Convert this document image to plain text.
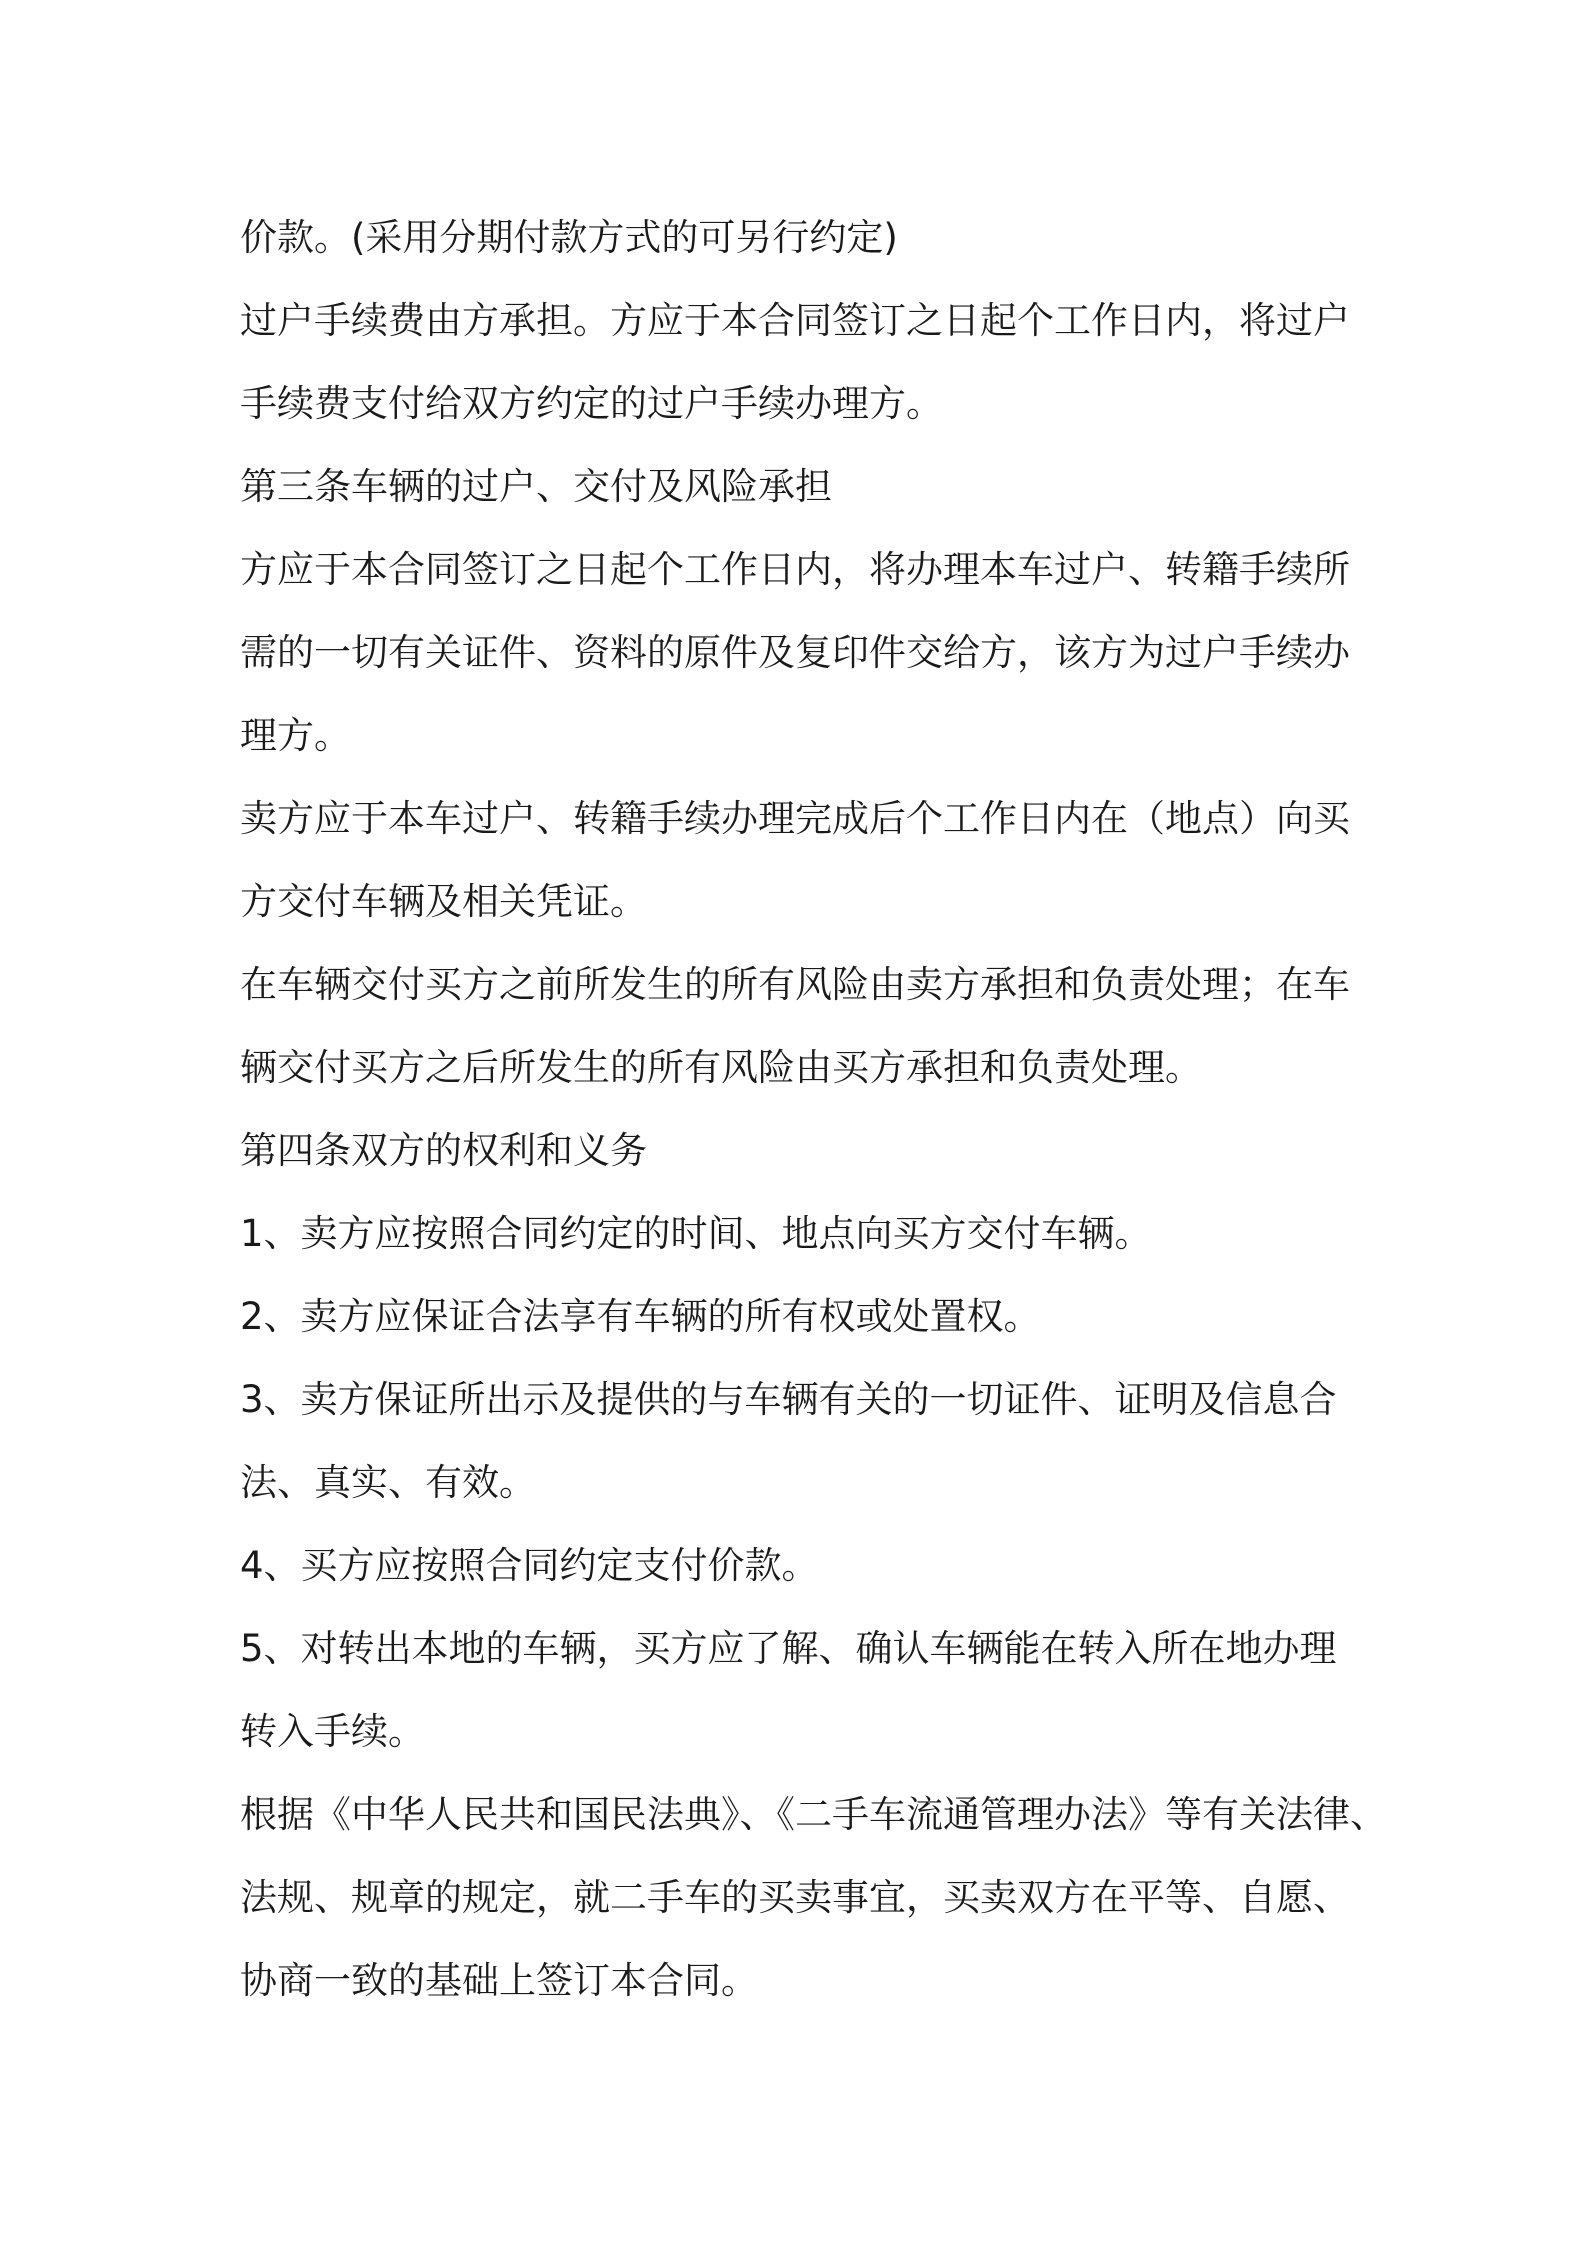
价款。(采用分期付款方式的可另行约定)
过户手续费由方承担。方应于本合同签订之日起个工作日内，将过户
手续费支付给双方约定的过户手续办理方。
第三条车辆的过户、交付及风险承担
方应于本合同签订之日起个工作日内，将办理本车过户、转籍手续所
需的一切有关证件、资料的原件及复印件交给方，该方为过户手续办
理方。
卖方应于本车过户、转籍手续办理完成后个工作日内在（地点）向买
方交付车辆及相关凭证。
在车辆交付买方之前所发生的所有风险由卖方承担和负责处理；在车
辆交付买方之后所发生的所有风险由买方承担和负责处理。
第四条双方的权利和义务
1、卖方应按照合同约定的时间、地点向买方交付车辆。
2、卖方应保证合法享有车辆的所有权或处置权。
3、卖方保证所出示及提供的与车辆有关的一切证件、证明及信息合
法、真实、有效。
4、买方应按照合同约定支付价款。
5、对转出本地的车辆，买方应了解、确认车辆能在转入所在地办理
转入手续。
根据《中华人民共和国民法典》、《二手车流通管理办法》等有关法律、
法规、规章的规定，就二手车的买卖事宜，买卖双方在平等、自愿、
协商一致的基础上签订本合同。
